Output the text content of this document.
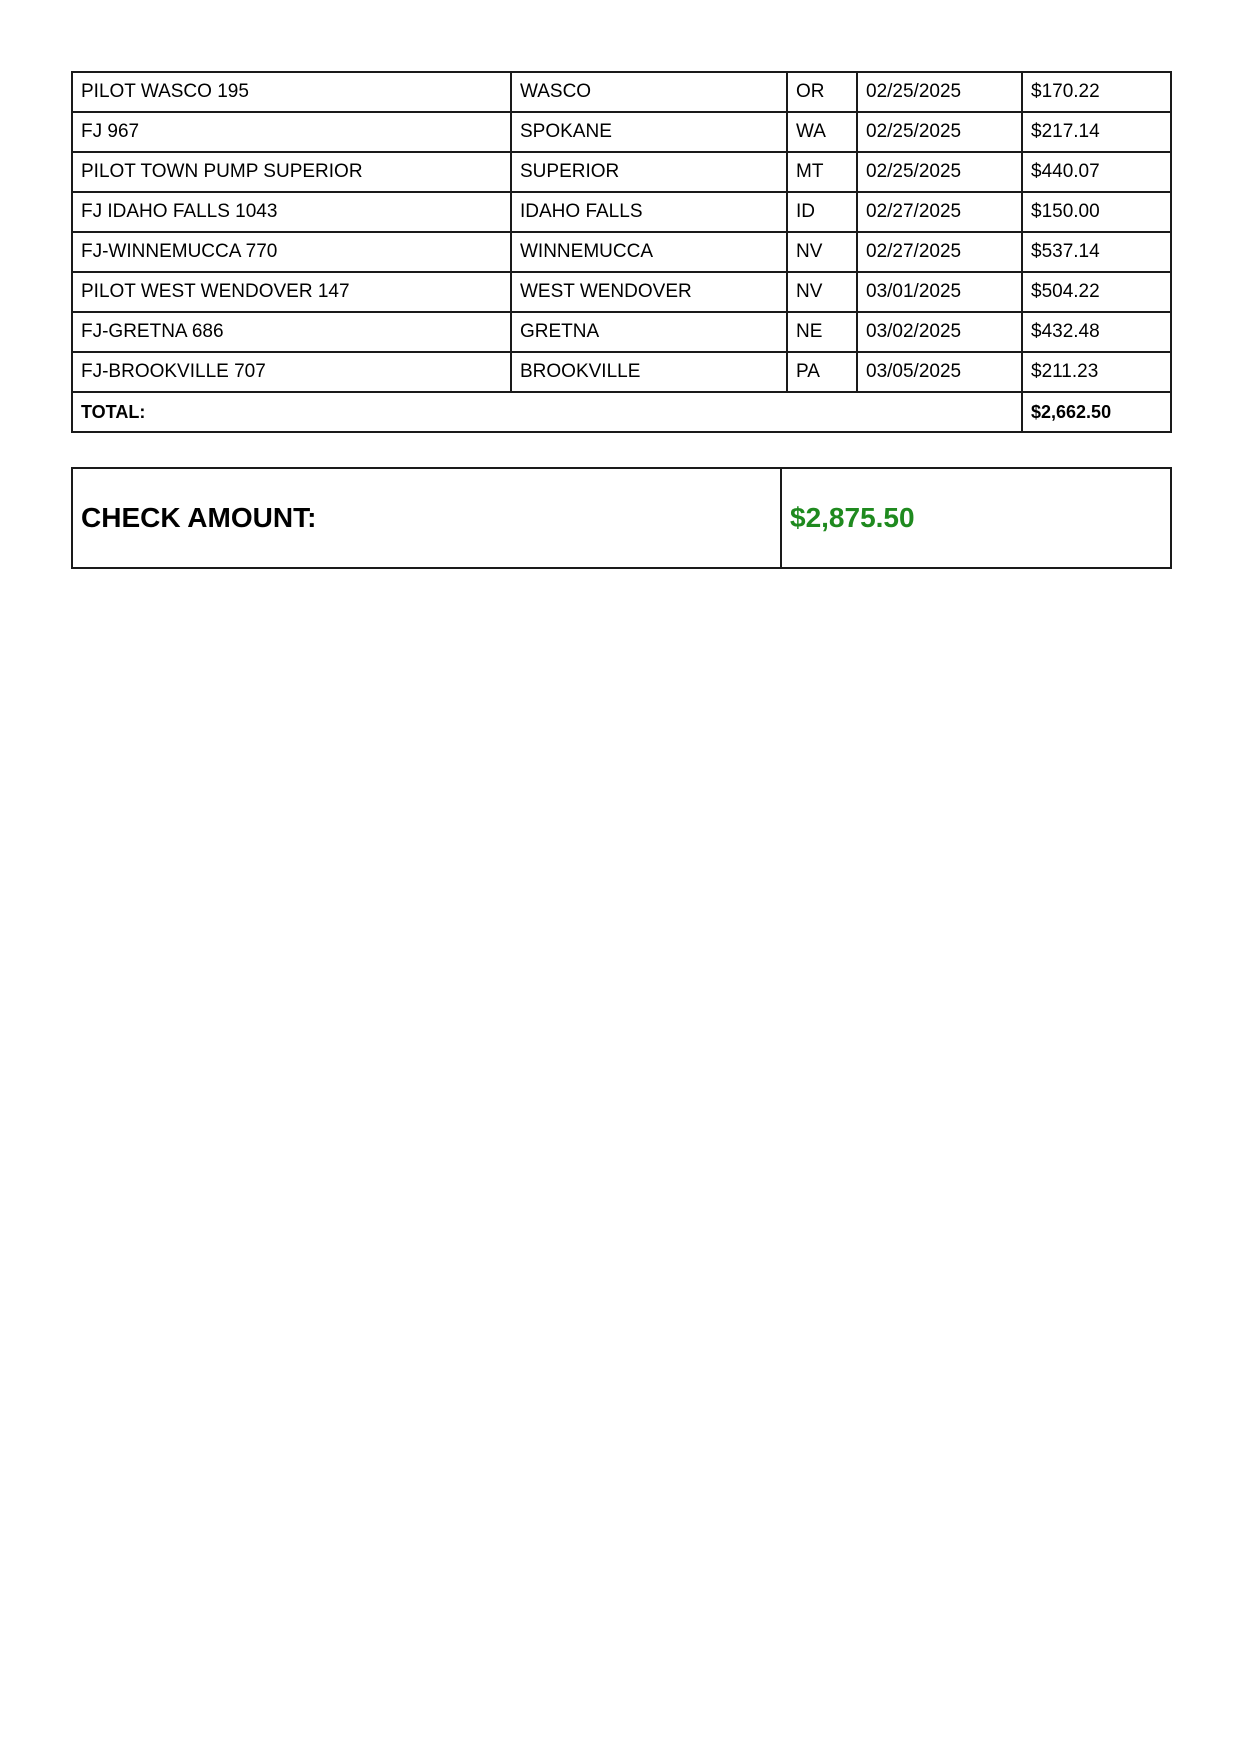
PILOT WASCO 195	WASCO	OR	02/25/2025	$170.22
FJ 967	SPOKANE	WA	02/25/2025	$217.14
PILOT TOWN PUMP SUPERIOR	SUPERIOR	MT	02/25/2025	$440.07
FJ IDAHO FALLS 1043	IDAHO FALLS	ID	02/27/2025	$150.00
FJ-WINNEMUCCA 770	WINNEMUCCA	NV	02/27/2025	$537.14
PILOT WEST WENDOVER 147	WEST WENDOVER	NV	03/01/2025	$504.22
FJ-GRETNA 686	GRETNA	NE	03/02/2025	$432.48
FJ-BROOKVILLE 707	BROOKVILLE	PA	03/05/2025	$211.23
TOTAL:				$2,662.50
CHECK AMOUNT:	$2,875.50
